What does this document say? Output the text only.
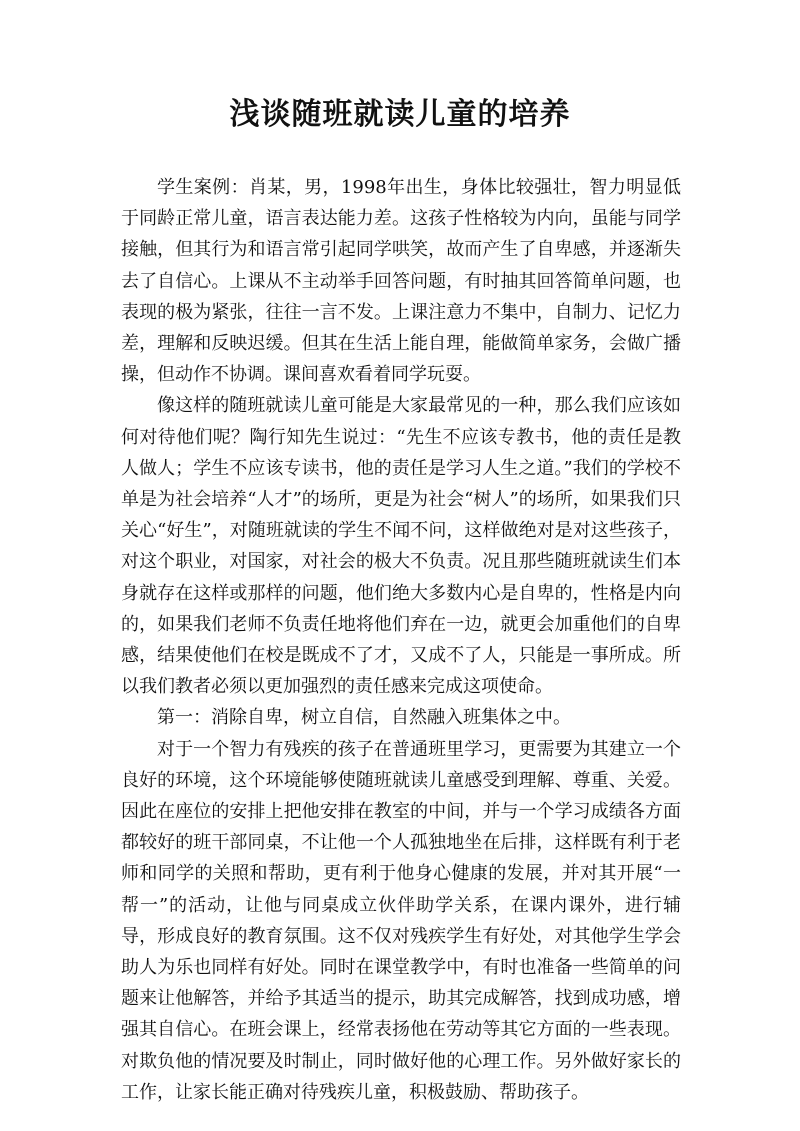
浅谈随班就读儿童的培养

学生案例：肖某，男，1998年出生，身体比较强壮，智力明显低于同龄正常儿童，语言表达能力差。这孩子性格较为内向，虽能与同学接触，但其行为和语言常引起同学哄笑，故而产生了自卑感，并逐渐失去了自信心。上课从不主动举手回答问题，有时抽其回答简单问题，也表现的极为紧张，往往一言不发。上课注意力不集中，自制力、记忆力差，理解和反映迟缓。但其在生活上能自理，能做简单家务，会做广播操，但动作不协调。课间喜欢看着同学玩耍。

像这样的随班就读儿童可能是大家最常见的一种，那么我们应该如何对待他们呢？陶行知先生说过：“先生不应该专教书，他的责任是教人做人；学生不应该专读书，他的责任是学习人生之道。”我们的学校不单是为社会培养“人才”的场所，更是为社会“树人”的场所，如果我们只关心“好生”，对随班就读的学生不闻不问，这样做绝对是对这些孩子，对这个职业，对国家，对社会的极大不负责。况且那些随班就读生们本身就存在这样或那样的问题，他们绝大多数内心是自卑的，性格是内向的，如果我们老师不负责任地将他们弃在一边，就更会加重他们的自卑感，结果使他们在校是既成不了才，又成不了人，只能是一事所成。所以我们教者必须以更加强烈的责任感来完成这项使命。

第一：消除自卑，树立自信，自然融入班集体之中。

对于一个智力有残疾的孩子在普通班里学习，更需要为其建立一个良好的环境，这个环境能够使随班就读儿童感受到理解、尊重、关爱。因此在座位的安排上把他安排在教室的中间，并与一个学习成绩各方面都较好的班干部同桌，不让他一个人孤独地坐在后排，这样既有利于老师和同学的关照和帮助，更有利于他身心健康的发展，并对其开展“一帮一”的活动，让他与同桌成立伙伴助学关系，在课内课外，进行辅导，形成良好的教育氛围。这不仅对残疾学生有好处，对其他学生学会助人为乐也同样有好处。同时在课堂教学中，有时也准备一些简单的问题来让他解答，并给予其适当的提示，助其完成解答，找到成功感，增强其自信心。在班会课上，经常表扬他在劳动等其它方面的一些表现。对欺负他的情况要及时制止，同时做好他的心理工作。另外做好家长的工作，让家长能正确对待残疾儿童，积极鼓励、帮助孩子。
